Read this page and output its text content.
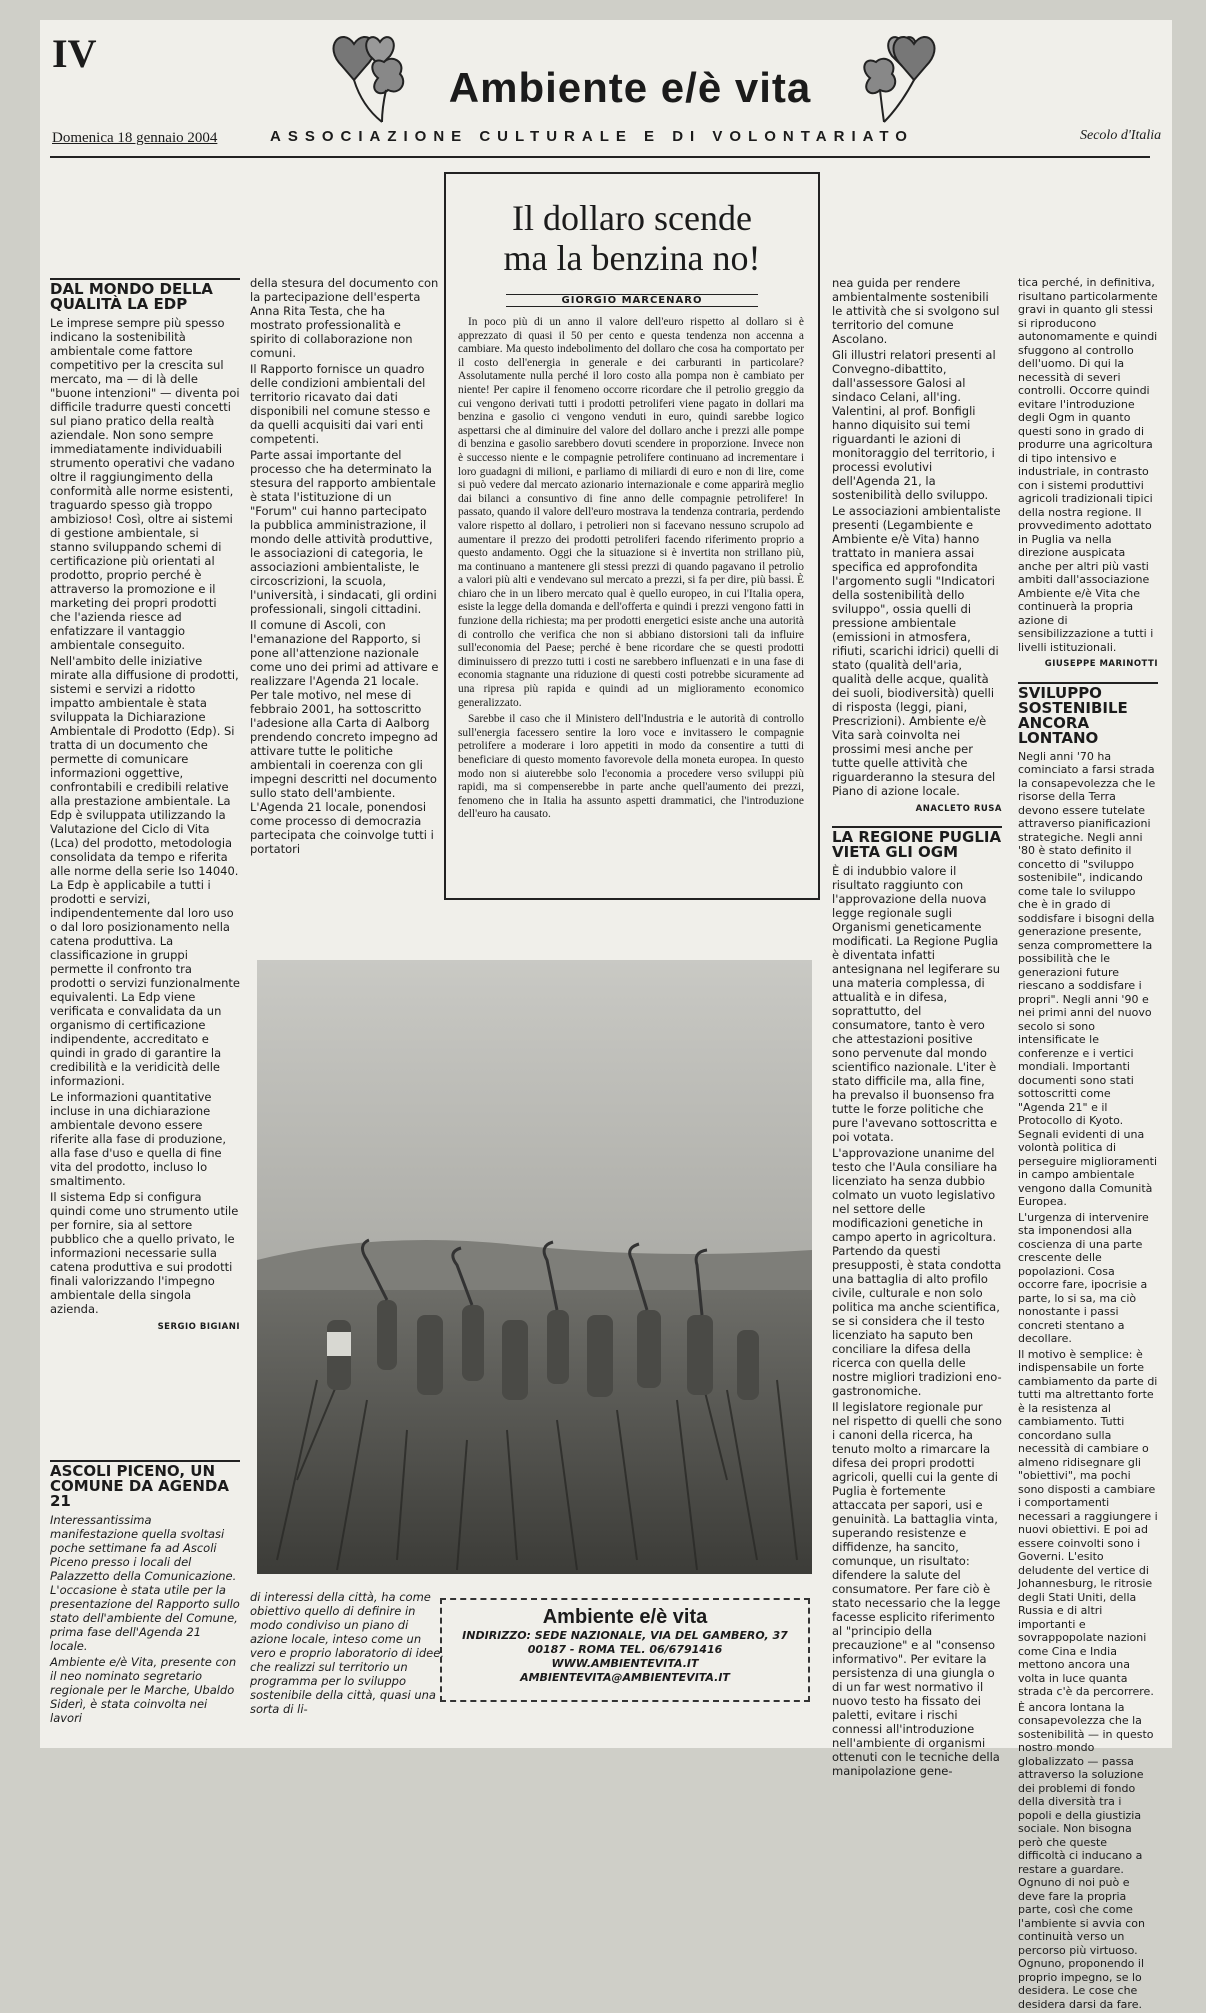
IV
Ambiente e/è vita
Domenica 18 gennaio 2004	ASSOCIAZIONE CULTURALE E DI VOLONTARIATO	Secolo d'Italia
DAL MONDO DELLA QUALITÀ LA EDP

Le imprese sempre più spesso indicano la sostenibilità ambientale come fattore competitivo per la crescita sul mercato, ma — di là delle "buone intenzioni" — diventa poi difficile tradurre questi concetti sul piano pratico della realtà aziendale. Non sono sempre immediatamente individuabili strumento operativi che vadano oltre il raggiungimento della conformità alle norme esistenti, traguardo spesso già troppo ambizioso! Così, oltre ai sistemi di gestione ambientale, si stanno sviluppando schemi di certificazione più orientati al prodotto, proprio perché è attraverso la promozione e il marketing dei propri prodotti che l'azienda riesce ad enfatizzare il vantaggio ambientale conseguito.

Nell'ambito delle iniziative mirate alla diffusione di prodotti, sistemi e servizi a ridotto impatto ambientale è stata sviluppata la Dichiarazione Ambientale di Prodotto (Edp). Si tratta di un documento che permette di comunicare informazioni oggettive, confrontabili e credibili relative alla prestazione ambientale. La Edp è sviluppata utilizzando la Valutazione del Ciclo di Vita (Lca) del prodotto, metodologia consolidata da tempo e riferita alle norme della serie Iso 14040. La Edp è applicabile a tutti i prodotti e servizi, indipendentemente dal loro uso o dal loro posizionamento nella catena produttiva. La classificazione in gruppi permette il confronto tra prodotti o servizi funzionalmente equivalenti. La Edp viene verificata e convalidata da un organismo di certificazione indipendente, accreditato e quindi in grado di garantire la credibilità e la veridicità delle informazioni.

Le informazioni quantitative incluse in una dichiarazione ambientale devono essere riferite alla fase di produzione, alla fase d'uso e quella di fine vita del prodotto, incluso lo smaltimento.

Il sistema Edp si configura quindi come uno strumento utile per fornire, sia al settore pubblico che a quello privato, le informazioni necessarie sulla catena produttiva e sui prodotti finali valorizzando l'impegno ambientale della singola azienda.

SERGIO BIGIANI
ASCOLI PICENO, UN COMUNE DA AGENDA 21

Interessantissima manifestazione quella svoltasi poche settimane fa ad Ascoli Piceno presso i locali del Palazzetto della Comunicazione. L'occasione è stata utile per la presentazione del Rapporto sullo stato dell'ambiente del Comune, prima fase dell'Agenda 21 locale.

Ambiente e/è Vita, presente con il neo nominato segretario regionale per le Marche, Ubaldo Siderì, è stata coinvolta nei lavori

della stesura del documento con la partecipazione dell'esperta Anna Rita Testa, che ha mostrato professionalità e spirito di collaborazione non comuni.

Il Rapporto fornisce un quadro delle condizioni ambientali del territorio ricavato dai dati disponibili nel comune stesso e da quelli acquisiti dai vari enti competenti.

Parte assai importante del processo che ha determinato la stesura del rapporto ambientale è stata l'istituzione di un "Forum" cui hanno partecipato la pubblica amministrazione, il mondo delle attività produttive, le associazioni di categoria, le associazioni ambientaliste, le circoscrizioni, la scuola, l'università, i sindacati, gli ordini professionali, singoli cittadini.

Il comune di Ascoli, con l'emanazione del Rapporto, si pone all'attenzione nazionale come uno dei primi ad attivare e realizzare l'Agenda 21 locale. Per tale motivo, nel mese di febbraio 2001, ha sottoscritto l'adesione alla Carta di Aalborg prendendo concreto impegno ad attivare tutte le politiche ambientali in coerenza con gli impegni descritti nel documento sullo stato dell'ambiente. L'Agenda 21 locale, ponendosi come processo di democrazia partecipata che coinvolge tutti i portatori

di interessi della città, ha come obiettivo quello di definire in modo condiviso un piano di azione locale, inteso come un vero e proprio laboratorio di idee, che realizzi sul territorio un programma per lo sviluppo sostenibile della città, quasi una sorta di li-

Il dollaro scende
ma la benzina no!
GIORGIO MARCENARO

In poco più di un anno il valore dell'euro rispetto al dollaro si è apprezzato di quasi il 50 per cento e questa tendenza non accenna a cambiare. Ma questo indebolimento del dollaro che cosa ha comportato per il costo dell'energia in generale e dei carburanti in particolare? Assolutamente nulla perché il loro costo alla pompa non è cambiato per niente! Per capire il fenomeno occorre ricordare che il petrolio greggio da cui vengono derivati tutti i prodotti petroliferi viene pagato in dollari ma benzina e gasolio ci vengono venduti in euro, quindi sarebbe logico aspettarsi che al diminuire del valore del dollaro anche i prezzi alle pompe di benzina e gasolio sarebbero dovuti scendere in proporzione. Invece non è successo niente e le compagnie petrolifere continuano ad incrementare i loro guadagni di milioni, e parliamo di miliardi di euro e non di lire, come si può vedere dal mercato azionario internazionale e come apparirà meglio dai bilanci a consuntivo di fine anno delle compagnie petrolifere! In passato, quando il valore dell'euro mostrava la tendenza contraria, perdendo valore rispetto al dollaro, i petrolieri non si facevano nessuno scrupolo ad aumentare il prezzo dei prodotti petroliferi facendo riferimento proprio a questo andamento. Oggi che la situazione si è invertita non strillano più, ma continuano a mantenere gli stessi prezzi di quando pagavano il petrolio a valori più alti e vendevano sul mercato a prezzi, si fa per dire, più bassi. È chiaro che in un libero mercato qual è quello europeo, in cui l'Italia opera, esiste la legge della domanda e dell'offerta e quindi i prezzi vengono fatti in funzione della richiesta; ma per prodotti energetici esiste anche una autorità di controllo che verifica che non si abbiano distorsioni tali da influire sull'economia del Paese; perché è bene ricordare che se questi prodotti diminuissero di prezzo tutti i costi ne sarebbero influenzati e in una fase di economia stagnante una riduzione di questi costi potrebbe sicuramente ad una ripresa più rapida e quindi ad un miglioramento economico generalizzato.

Sarebbe il caso che il Ministero dell'Industria e le autorità di controllo sull'energia facessero sentire la loro voce e invitassero le compagnie petrolifere a moderare i loro appetiti in modo da consentire a tutti di beneficiare di questo momento favorevole della moneta europea. In questo modo non si aiuterebbe solo l'economia a procedere verso sviluppi più rapidi, ma si compenserebbe in parte anche quell'aumento dei prezzi, fenomeno che in Italia ha assunto aspetti drammatici, che l'introduzione dell'euro ha causato.

nea guida per rendere ambientalmente sostenibili le attività che si svolgono sul territorio del comune Ascolano.

Gli illustri relatori presenti al Convegno-dibattito, dall'assessore Galosi al sindaco Celani, all'ing. Valentini, al prof. Bonfigli hanno diquisito sui temi riguardanti le azioni di monitoraggio del territorio, i processi evolutivi dell'Agenda 21, la sostenibilità dello sviluppo.

Le associazioni ambientaliste presenti (Legambiente e Ambiente e/è Vita) hanno trattato in maniera assai specifica ed approfondita l'argomento sugli "Indicatori della sostenibilità dello sviluppo", ossia quelli di pressione ambientale (emissioni in atmosfera, rifiuti, scarichi idrici) quelli di stato (qualità dell'aria, qualità delle acque, qualità dei suoli, biodiversità) quelli di risposta (leggi, piani, Prescrizioni). Ambiente e/è Vita sarà coinvolta nei prossimi mesi anche per tutte quelle attività che riguarderanno la stesura del Piano di azione locale.

ANACLETO RUSA
LA REGIONE PUGLIA VIETA GLI OGM

È di indubbio valore il risultato raggiunto con l'approvazione della nuova legge regionale sugli Organismi geneticamente modificati. La Regione Puglia è diventata infatti antesignana nel legiferare su una materia complessa, di attualità e in difesa, soprattutto, del consumatore, tanto è vero che attestazioni positive sono pervenute dal mondo scientifico nazionale. L'iter è stato difficile ma, alla fine, ha prevalso il buonsenso fra tutte le forze politiche che pure l'avevano sottoscritta e poi votata.

L'approvazione unanime del testo che l'Aula consiliare ha licenziato ha senza dubbio colmato un vuoto legislativo nel settore delle modificazioni genetiche in campo aperto in agricoltura. Partendo da questi presupposti, è stata condotta una battaglia di alto profilo civile, culturale e non solo politica ma anche scientifica, se si considera che il testo licenziato ha saputo ben conciliare la difesa della ricerca con quella delle nostre migliori tradizioni eno-gastronomiche.

Il legislatore regionale pur nel rispetto di quelli che sono i canoni della ricerca, ha tenuto molto a rimarcare la difesa dei propri prodotti agricoli, quelli cui la gente di Puglia è fortemente attaccata per sapori, usi e genuinità. La battaglia vinta, superando resistenze e diffidenze, ha sancito, comunque, un risultato: difendere la salute del consumatore. Per fare ciò è stato necessario che la legge facesse esplicito riferimento al "principio della precauzione" e al "consenso informativo". Per evitare la persistenza di una giungla o di un far west normativo il nuovo testo ha fissato dei paletti, evitare i rischi connessi all'introduzione nell'ambiente di organismi ottenuti con le tecniche della manipolazione gene-

tica perché, in definitiva, risultano particolarmente gravi in quanto gli stessi si riproducono autonomamente e quindi sfuggono al controllo dell'uomo. Di qui la necessità di severi controlli. Occorre quindi evitare l'introduzione degli Ogm in quanto questi sono in grado di produrre una agricoltura di tipo intensivo e industriale, in contrasto con i sistemi produttivi agricoli tradizionali tipici della nostra regione. Il provvedimento adottato in Puglia va nella direzione auspicata anche per altri più vasti ambiti dall'associazione Ambiente e/è Vita che continuerà la propria azione di sensibilizzazione a tutti i livelli istituzionali.

GIUSEPPE MARINOTTI
SVILUPPO SOSTENIBILE ANCORA LONTANO

Negli anni '70 ha cominciato a farsi strada la consapevolezza che le risorse della Terra devono essere tutelate attraverso pianificazioni strategiche. Negli anni '80 è stato definito il concetto di "sviluppo sostenibile", indicando come tale lo sviluppo che è in grado di soddisfare i bisogni della generazione presente, senza compromettere la possibilità che le generazioni future riescano a soddisfare i propri". Negli anni '90 e nei primi anni del nuovo secolo si sono intensificate le conferenze e i vertici mondiali. Importanti documenti sono stati sottoscritti come "Agenda 21" e il Protocollo di Kyoto. Segnali evidenti di una volontà politica di perseguire miglioramenti in campo ambientale vengono dalla Comunità Europea.

L'urgenza di intervenire sta imponendosi alla coscienza di una parte crescente delle popolazioni. Cosa occorre fare, ipocrisie a parte, lo si sa, ma ciò nonostante i passi concreti stentano a decollare.

Il motivo è semplice: è indispensabile un forte cambiamento da parte di tutti ma altrettanto forte è la resistenza al cambiamento. Tutti concordano sulla necessità di cambiare o almeno ridisegnare gli "obiettivi", ma pochi sono disposti a cambiare i comportamenti necessari a raggiungere i nuovi obiettivi. E poi ad essere coinvolti sono i Governi. L'esito deludente del vertice di Johannesburg, le ritrosie degli Stati Uniti, della Russia e di altri importanti e sovrappopolate nazioni come Cina e India mettono ancora una volta in luce quanta strada c'è da percorrere.

È ancora lontana la consapevolezza che la sostenibilità — in questo nostro mondo globalizzato — passa attraverso la soluzione dei problemi di fondo della diversità tra i popoli e della giustizia sociale. Non bisogna però che queste difficoltà ci inducano a restare a guardare. Ognuno di noi può e deve fare la propria parte, così che come l'ambiente si avvia con continuità verso un percorso più virtuoso. Ognuno, proponendo il proprio impegno, se lo desidera. Le cose che desidera darsi da fare.

Ambiente e/è vita
INDIRIZZO: SEDE NAZIONALE, VIA DEL GAMBERO, 37
00187 - ROMA TEL. 06/6791416
WWW.AMBIENTEVITA.IT
AMBIENTEVITA@AMBIENTEVITA.IT
